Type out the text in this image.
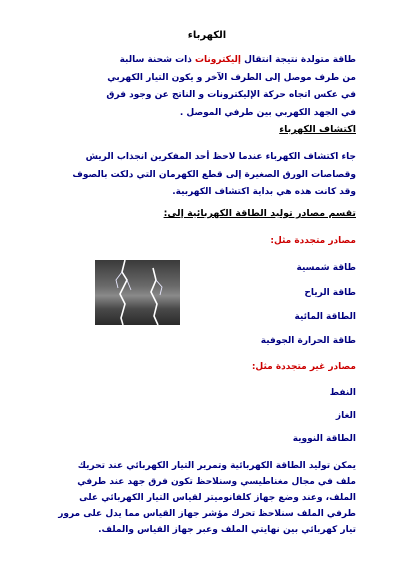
الكهرباء

طاقة متولدة نتيجة انتقال إليكترونات ذات شحنة سالبة من طرف موصل إلى الطرف الآخر و يكون التيار الكهربي في عكس اتجاه حركة الإليكترونات و الناتج عن وجود فرق في الجهد الكهربي بين طرفي الموصل .

اكتشاف الكهرباء

جاء اكتشاف الكهرباء عندما لاحظ أحد المفكرين انجذاب الريش وقصاصات الورق الصغيرة إلى قطع الكهرمان التي دلكت بالصوف وقد كانت هذه هي بداية اكتشاف الكهربية.

تقسم مصادر توليد الطاقة الكهربائية إلى:
مصادر متجددة مثل:
طاقة شمسية
طاقة الرياح
الطاقة المائية
طاقة الحرارة الجوفية
مصادر غير متجددة مثل:
النفط
الغاز
الطاقة النووية

يمكن توليد الطاقة الكهربائية وتمرير التيار الكهربائي عند تحريك ملف في مجال مغناطيسي وسنلاحظ تكون فرق جهد عند طرفي الملف، وعند وضع جهاز كلفانوميتر لقياس التيار الكهربائي على طرفي الملف سنلاحظ تحرك مؤشر جهاز القياس مما يدل على مرور تيار كهربائي بين نهايتي الملف وعبر جهاز القياس والملف.
